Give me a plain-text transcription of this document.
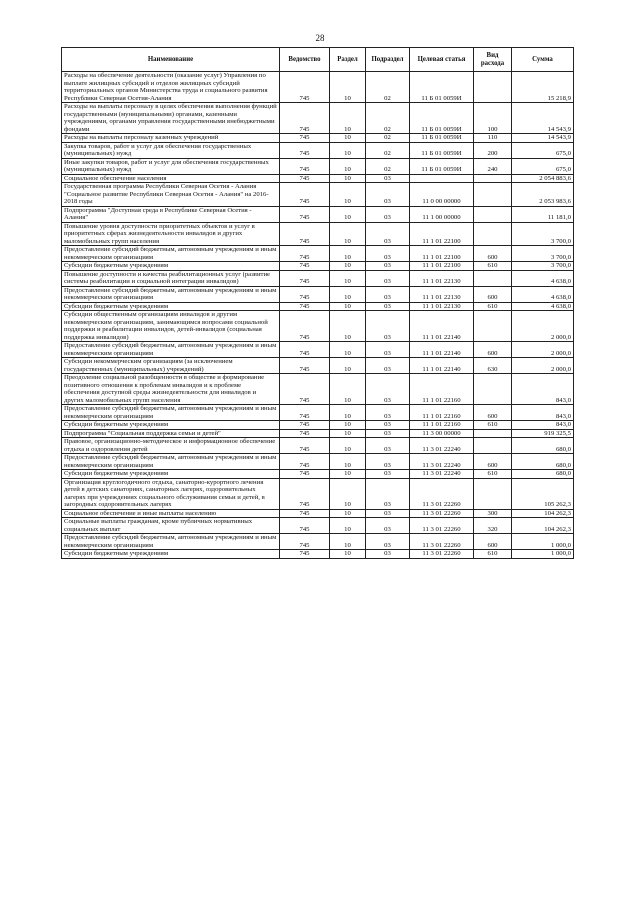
28
Наименование	Ведомство	Раздел	Подраздел	Целевая статья	Вид расхода	Сумма
Расходы на обеспечение деятельности (оказание услуг) Управления по выплате жилищных субсидий и отделов жилищных субсидий территориальных органов Министерства труда и социального развития Республики Северная Осетия-Алания	745	10	02	11 Б 01 0059И		15 218,9
Расходы на выплаты персоналу в целях обеспечения выполнения функций государственными (муниципальными) органами, казенными учреждениями, органами управления государственными внебюджетными фондами	745	10	02	11 Б 01 0059И	100	14 543,9
Расходы на выплаты персоналу казенных учреждений	745	10	02	11 Б 01 0059И	110	14 543,9
Закупка товаров, работ и услуг для обеспечения государственных (муниципальных) нужд	745	10	02	11 Б 01 0059И	200	675,0
Иные закупки товаров, работ и услуг для обеспечения государственных (муниципальных) нужд	745	10	02	11 Б 01 0059И	240	675,0
Социальное обеспечение населения	745	10	03			2 054 883,6
Государственная программа Республики Северная Осетия - Алания "Социальное развитие Республики Северная Осетия - Алания" на 2016-2018 годы	745	10	03	11 0 00 00000		2 053 983,6
Подпрограмма "Доступная среда в Республике Северная Осетия - Алания"	745	10	03	11 1 00 00000		11 181,0
Повышение уровня доступности приоритетных объектов и услуг в приоритетных сферах жизнедеятельности инвалидов и других маломобильных групп населения	745	10	03	11 1 01 22100		3 700,0
Предоставление субсидий бюджетным, автономным учреждениям и иным некоммерческим организациям	745	10	03	11 1 01 22100	600	3 700,0
Субсидии бюджетным учреждениям	745	10	03	11 1 01 22100	610	3 700,0
Повышение доступности и качества реабилитационных услуг (развитие системы реабилитации и социальной интеграции инвалидов)	745	10	03	11 1 01 22130		4 638,0
Предоставление субсидий бюджетным, автономным учреждениям и иным некоммерческим организациям	745	10	03	11 1 01 22130	600	4 638,0
Субсидии бюджетным учреждениям	745	10	03	11 1 01 22130	610	4 638,0
Субсидии общественным организациям инвалидов и другим некоммерческим организациям, занимающимся вопросами социальной поддержки и реабилитации инвалидов, детей-инвалидов (социальная поддержка инвалидов)	745	10	03	11 1 01 22140		2 000,0
Предоставление субсидий бюджетным, автономным учреждениям и иным некоммерческим организациям	745	10	03	11 1 01 22140	600	2 000,0
Субсидии некоммерческим организациям (за исключением государственных (муниципальных) учреждений)	745	10	03	11 1 01 22140	630	2 000,0
Преодоление социальной разобщенности в обществе и формирование позитивного отношения к проблемам инвалидов и к проблеме обеспечения доступной среды жизнедеятельности для инвалидов и других маломобильных групп населения	745	10	03	11 1 01 22160		843,0
Предоставление субсидий бюджетным, автономным учреждениям и иным некоммерческим организациям	745	10	03	11 1 01 22160	600	843,0
Субсидии бюджетным учреждениям	745	10	03	11 1 01 22160	610	843,0
Подпрограмма "Социальная поддержка семьи и детей"	745	10	03	11 3 00 00000		919 325,5
Правовое, организационно-методическое и информационное обеспечение отдыха и оздоровления детей	745	10	03	11 3 01 22240		680,0
Предоставление субсидий бюджетным, автономным учреждениям и иным некоммерческим организациям	745	10	03	11 3 01 22240	600	680,0
Субсидии бюджетным учреждениям	745	10	03	11 3 01 22240	610	680,0
Организация круглогодичного отдыха, санаторно-курортного лечения детей в детских санаториях, санаторных лагерях, оздоровительных лагерях при учреждениях социального обслуживания семьи и детей, в загородных оздоровительных лагерях	745	10	03	11 3 01 22260		105 262,3
Социальное обеспечение и иные выплаты населению	745	10	03	11 3 01 22260	300	104 262,3
Социальные выплаты гражданам, кроме публичных нормативных социальных выплат	745	10	03	11 3 01 22260	320	104 262,3
Предоставление субсидий бюджетным, автономным учреждениям и иным некоммерческим организациям	745	10	03	11 3 01 22260	600	1 000,0
Субсидии бюджетным учреждениям	745	10	03	11 3 01 22260	610	1 000,0
